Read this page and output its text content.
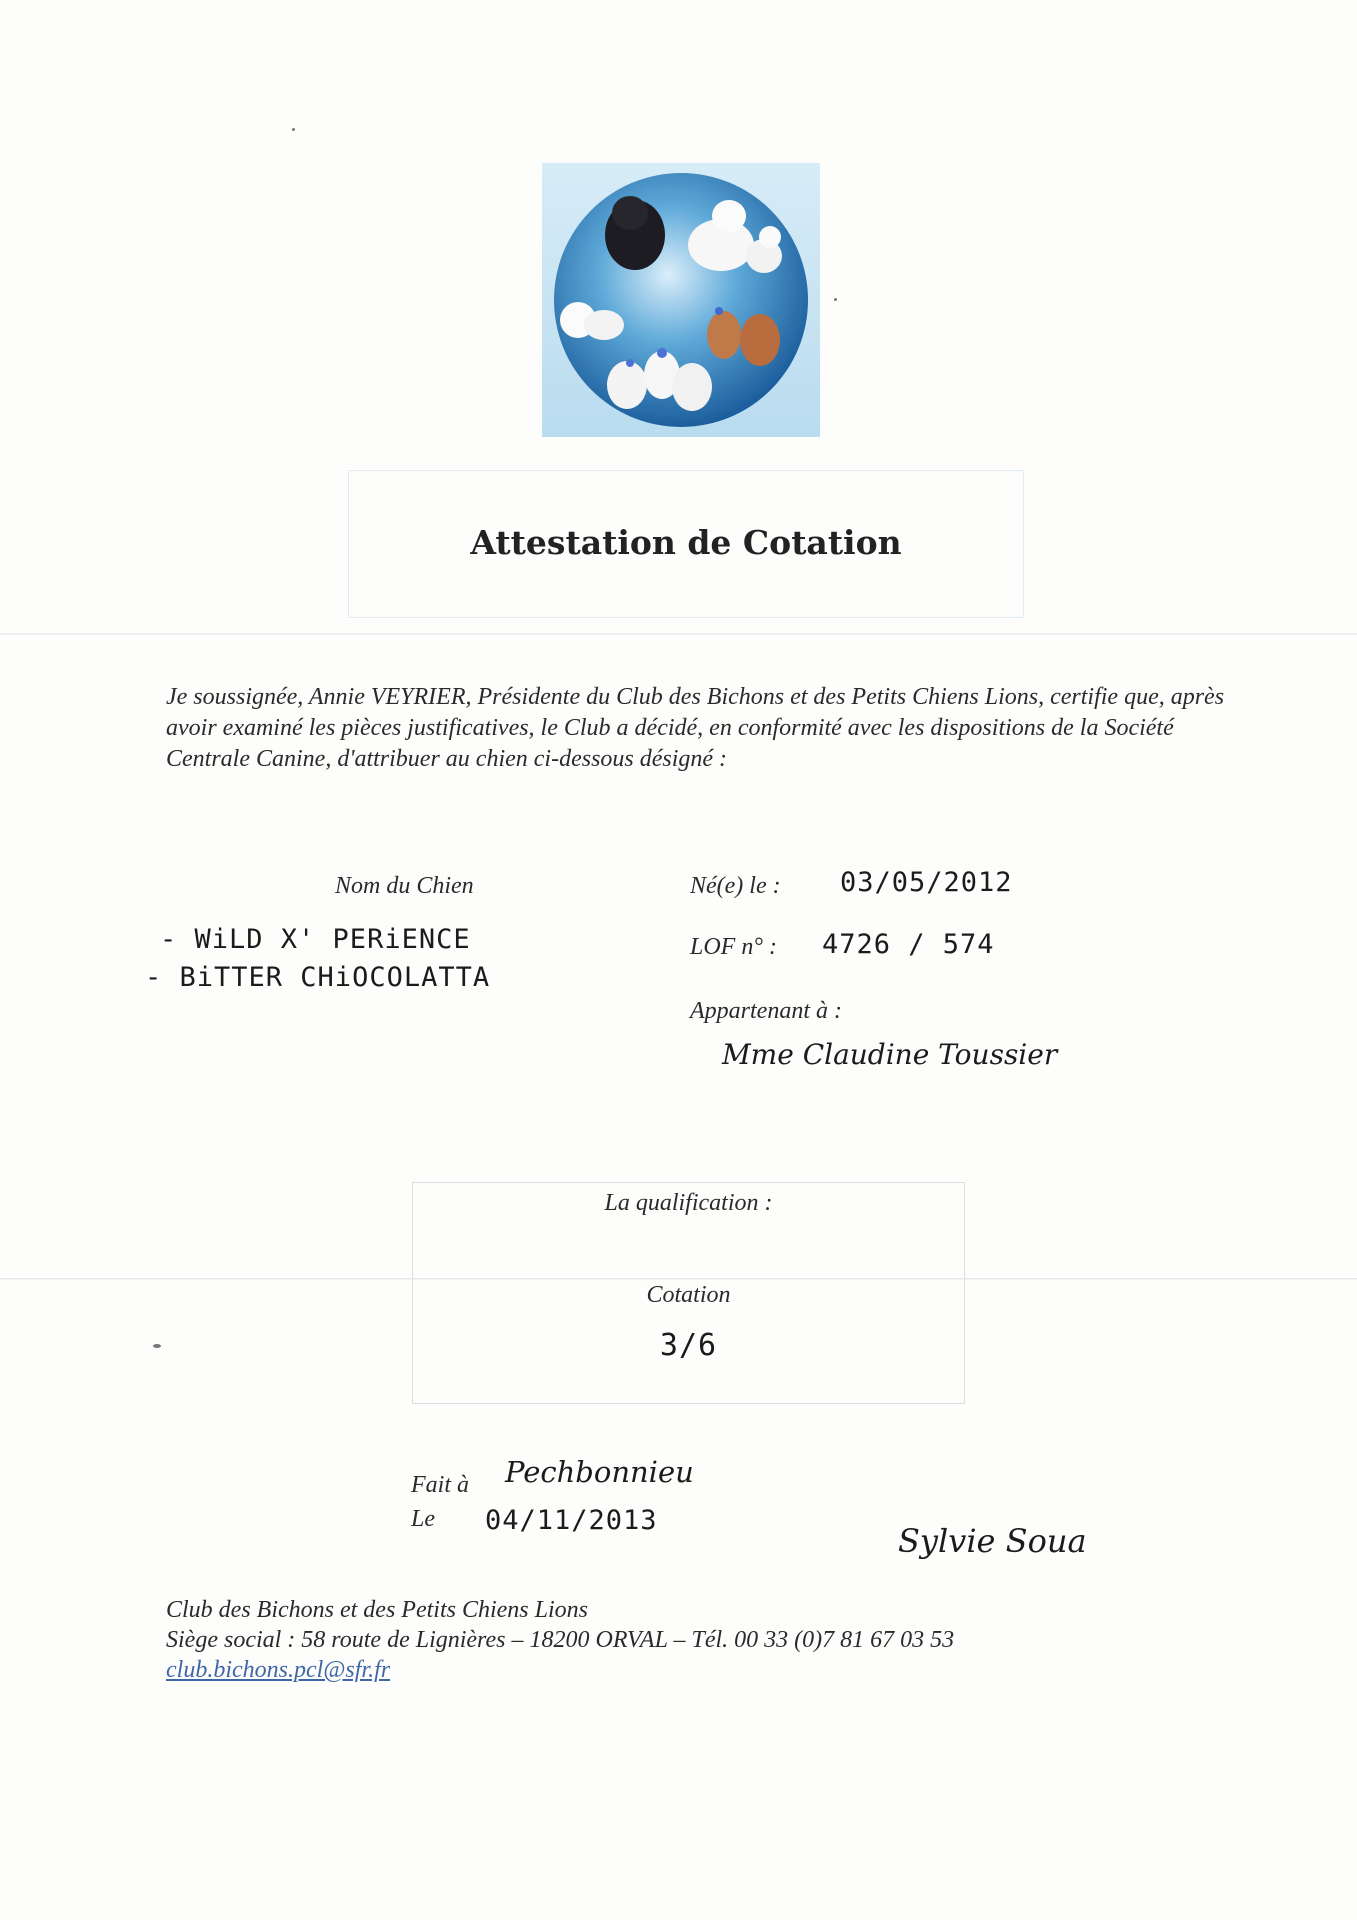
Attestation de Cotation
Je soussignée, Annie VEYRIER, Présidente du Club des Bichons et des Petits Chiens Lions, certifie que, après avoir examiné les pièces justificatives, le Club a décidé, en conformité avec les dispositions de la Société Centrale Canine, d'attribuer au chien ci-dessous désigné :
Nom du Chien
- WiLD X' PERiENCE
- BiTTER CHiOCOLATTA
Né(e) le : 03/05/2012
LOF n° : 4726 / 574
Appartenant à :
Mme Claudine Toussier
La qualification :
Cotation
3/6
Fait à Pechbonnieu
Le 04/11/2013
Sylvie Soua
Club des Bichons et des Petits Chiens Lions
Siège social : 58 route de Lignières – 18200 ORVAL – Tél. 00 33 (0)7 81 67 03 53
club.bichons.pcl@sfr.fr
